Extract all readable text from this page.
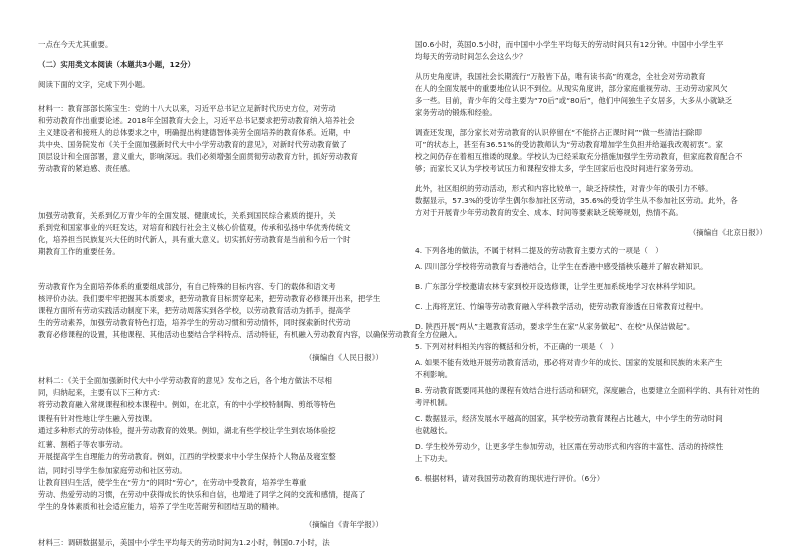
一点在今天尤其重要。
（二）实用类文本阅读（本题共3小题，12分）
阅读下面的文字，完成下列小题。
材料一：教育部部长陈宝生：党的十八大以来，习近平总书记立足新时代历史方位，对劳动
和劳动教育作出重要论述。2018年全国教育大会上，习近平总书记要求把劳动教育纳入培养社会
主义建设者和接班人的总体要求之中，明确提出构建德智体美劳全面培养的教育体系。近期，中
共中央、国务院发布《关于全面加强新时代大中小学劳动教育的意见》，对新时代劳动教育做了
顶层设计和全面部署，意义重大，影响深远。我们必须增强全面贯彻劳动教育方针，抓好劳动教育
劳动教育的紧迫感、责任感。
加强劳动教育，关系到亿万青少年的全面发展、健康成长，关系到国民综合素质的提升，关
系到党和国家事业的兴旺发达，对培育和践行社会主义核心价值观，传承和弘扬中华优秀传统文
化，培养担当民族复兴大任的时代新人，具有重大意义。切实抓好劳动教育是当前和今后一个时
期教育工作的重要任务。
劳动教育作为全面培养体系的重要组成部分，有自己特殊的目标内容、专门的载体和语文考
核评价办法。我们要牢牢把握其本质要求，把劳动教育目标贯穿起来，把劳动教育必修课开出来，把学生
课程方面所有劳动实践活动制度下来，把劳动周落实到各学校，以劳动教育活动为抓手，提高学
生的劳动素养，加强劳动教育特色打造，培养学生的劳动习惯和劳动情怀，同时探索新时代劳动
教育必修课程的设置，其他课程、其他活动也要结合学科特点、活动特征，有机融入劳动教育内容，以确保劳动教育全方位融入。
（摘编自《人民日报》）
材料二：《关于全面加强新时代大中小学劳动教育的意见》发布之后，各个地方做法不尽相
同，归纳起来，主要有以下三种方式：
将劳动教育融入常规课程和校本课程中。例如，在北京，有的中小学校特制陶、剪纸等特色
课程有针对性地让学生融入劳技课。
通过多种形式的劳动体验，提升劳动教育的效果。例如，湖北有些学校让学生到农场体验挖
红薯、割稻子等农事劳动。
开展提高学生自理能力的劳动教育。例如，江西的学校要求中小学生保持个人物品及寝室整
洁，同时引导学生参加家庭劳动和社区劳动。
让教育回归生活，使学生在“劳力”的同时“劳心”，在劳动中受教育，培养学生尊重
劳动、热爱劳动的习惯，在劳动中获得成长的快乐和自信，也增进了同学之间的交流和感情，提高了
学生的身体素质和社会适应能力，培养了学生吃苦耐劳和团结互助的精神。
（摘编自《青年学报》）
材料三：调研数据显示，美国中小学生平均每天的劳动时间为1.2小时，韩国0.7小时，法
国0.6小时，英国0.5小时，而中国中小学生平均每天的劳动时间只有12分钟。中国中小学生平
均每天的劳动时间怎么会这么少？
从历史角度讲，我国社会长期流行“万般皆下品，唯有读书高”的观念，全社会对劳动教育
在人的全面发展中的重要地位认识不到位。从现实角度讲，部分家庭重视劳动、王动劳动家风欠
多一些。目前，青少年的父母主要为“70后”或“80后”，他们中间独生子女居多，大多从小就缺乏
家务劳动的锻炼和经验。
调查还发现，部分家长对劳动教育的认识停留在“不能挤占正课时间”“做一些清洁扫除即
可”的状态上，甚至有36.51%的受访教师认为“劳动教育增加学生负担并给逼我改观初衷”。家
校之间仍存在着相互推诿的现象。学校认为已经采取充分措施加强学生劳动教育，但家庭教育配合不
够；而家长又认为学校考试压力和课程安排太多，学生回家后也没时间进行家务劳动。
此外，社区组织的劳动活动，形式和内容比较单一，缺乏持续性，对青少年的吸引力不够。
数据显示，57.3%的受访学生偶尔参加社区劳动，35.6%的受访学生从不参加社区劳动。此外，各
方对于开展青少年劳动教育的安全、成本、时间等要素缺乏统筹规划，热情不高。
（摘编自《北京日报》）
4. 下列各地的做法，不属于材料二提及的劳动教育主要方式的一项是（　）
A. 四川部分学校将劳动教育与香港结合，让学生在香港中感受插秧乐趣并了解农耕知识。
B. 广东部分学校邀请农林专家到校开设选修课，让学生更加系统地学习农林科学知识。
C. 上海将烹饪、竹编等劳动教育融入学科教学活动，使劳动教育渗透在日常教育过程中。
D. 陕西开展“两从”主题教育活动，要求学生在家“从家务做起”、在校“从保洁做起”。
5. 下列对材料相关内容的概括和分析，不正确的一项是（　）
A. 如果不能有效地开展劳动教育活动，那必将对青少年的成长、国家的发展和民族的未来产生
不利影响。
B. 劳动教育既要同其他的课程有效结合进行活动和研究，深度融合，也要建立全面科学的、具有针对性的
考评机制。
C. 数据显示，经济发展水平越高的国家，其学校劳动教育课程占比越大，中小学生的劳动时间
也就越长。
D. 学生校外劳动少，让更多学生参加劳动，社区需在劳动形式和内容的丰富性、活动的持续性
上下功夫。
6. 根据材料，请对我国劳动教育的现状进行评价。（6分）
